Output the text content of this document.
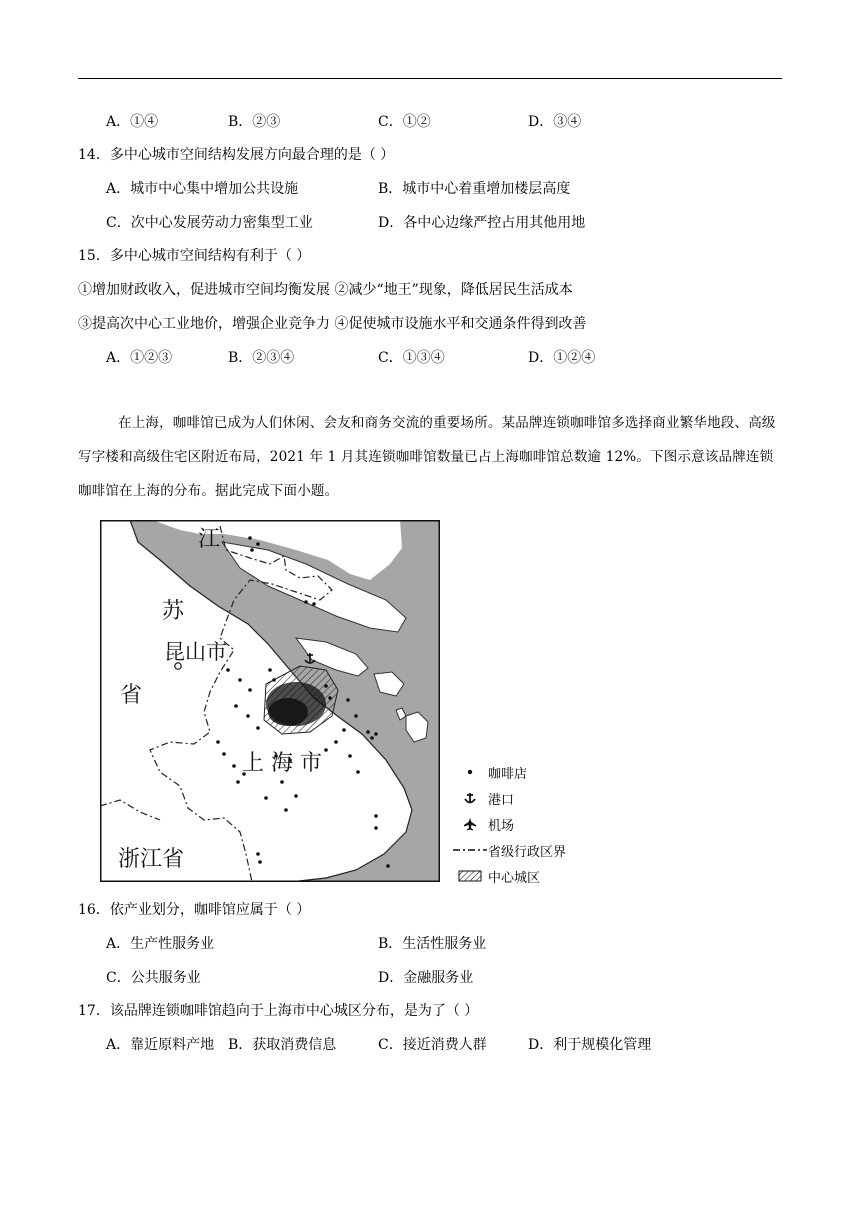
A．①④	B．②③	C．①②	D．③④
14．多中心城市空间结构发展方向最合理的是（ ）
A．城市中心集中增加公共设施	B．城市中心着重增加楼层高度
C．次中心发展劳动力密集型工业	D．各中心边缘严控占用其他用地
15．多中心城市空间结构有利于（ ）
①增加财政收入，促进城市空间均衡发展 ②减少“地王”现象，降低居民生活成本
③提高次中心工业地价，增强企业竞争力 ④促使城市设施水平和交通条件得到改善
A．①②③	B．②③④	C．①③④	D．①②④
在上海，咖啡馆已成为人们休闲、会友和商务交流的重要场所。某品牌连锁咖啡馆多选择商业繁华地段、高级写字楼和高级住宅区附近布局，2021 年 1 月其连锁咖啡馆数量已占上海咖啡馆总数逾 12%。下图示意该品牌连锁咖啡馆在上海的分布。据此完成下面小题。
江
苏
昆山市
省
上 海 市
浙江省
咖啡店
港口
机场
省级行政区界
中心城区
16．依产业划分，咖啡馆应属于（ ）
A．生产性服务业	B．生活性服务业
C．公共服务业	D．金融服务业
17．该品牌连锁咖啡馆趋向于上海市中心城区分布，是为了（ ）
A．靠近原料产地 B．获取消费信息	C．接近消费人群	D．利于规模化管理
